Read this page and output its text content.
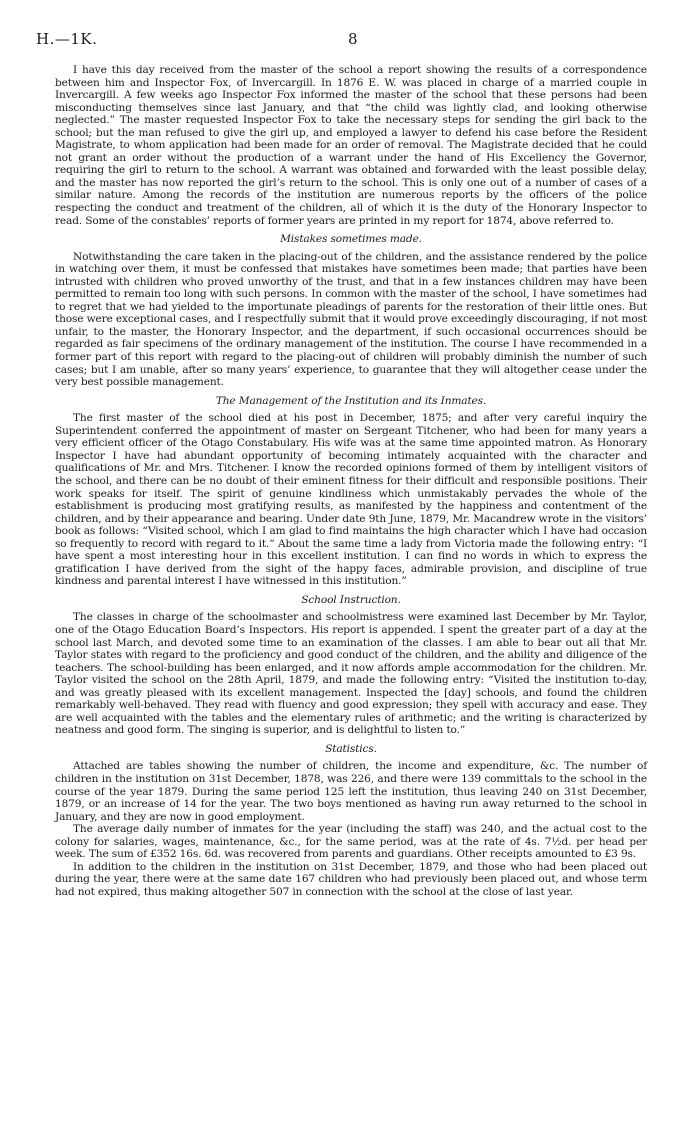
H.—1K.	8

I have this day received from the master of the school a report showing the results of a correspondence between him and Inspector Fox, of Invercargill. In 1876 E. W. was placed in charge of a married couple in Invercargill. A few weeks ago Inspector Fox informed the master of the school that these persons had been misconducting themselves since last January, and that “the child was lightly clad, and looking otherwise neglected.” The master requested Inspector Fox to take the necessary steps for sending the girl back to the school; but the man refused to give the girl up, and employed a lawyer to defend his case before the Resident Magistrate, to whom application had been made for an order of removal. The Magistrate decided that he could not grant an order without the production of a warrant under the hand of His Excellency the Governor, requiring the girl to return to the school. A warrant was obtained and forwarded with the least possible delay, and the master has now reported the girl’s return to the school. This is only one out of a number of cases of a similar nature. Among the records of the institution are numerous reports by the officers of the police respecting the conduct and treatment of the children, all of which it is the duty of the Honorary Inspector to read. Some of the constables’ reports of former years are printed in my report for 1874, above referred to.

Mistakes sometimes made.

Notwithstanding the care taken in the placing-out of the children, and the assistance rendered by the police in watching over them, it must be confessed that mistakes have sometimes been made; that parties have been intrusted with children who proved unworthy of the trust, and that in a few instances children may have been permitted to remain too long with such persons. In common with the master of the school, I have sometimes had to regret that we had yielded to the importunate pleadings of parents for the restoration of their little ones. But those were exceptional cases, and I respectfully submit that it would prove exceedingly discouraging, if not most unfair, to the master, the Honorary Inspector, and the department, if such occasional occurrences should be regarded as fair specimens of the ordinary management of the institution. The course I have recommended in a former part of this report with regard to the placing-out of children will probably diminish the number of such cases; but I am unable, after so many years’ experience, to guarantee that they will altogether cease under the very best possible management.

The Management of the Institution and its Inmates.

The first master of the school died at his post in December, 1875; and after very careful inquiry the Superintendent conferred the appointment of master on Sergeant Titchener, who had been for many years a very efficient officer of the Otago Constabulary. His wife was at the same time appointed matron. As Honorary Inspector I have had abundant opportunity of becoming intimately acquainted with the character and qualifications of Mr. and Mrs. Titchener. I know the recorded opinions formed of them by intelligent visitors of the school, and there can be no doubt of their eminent fitness for their difficult and responsible positions. Their work speaks for itself. The spirit of genuine kindliness which unmistakably pervades the whole of the establishment is producing most gratifying results, as manifested by the happiness and contentment of the children, and by their appearance and bearing. Under date 9th June, 1879, Mr. Macandrew wrote in the visitors’ book as follows: “Visited school, which I am glad to find maintains the high character which I have had occasion so frequently to record with regard to it.” About the same time a lady from Victoria made the following entry: “I have spent a most interesting hour in this excellent institution. I can find no words in which to express the gratification I have derived from the sight of the happy faces, admirable provision, and discipline of true kindness and parental interest I have witnessed in this institution.”

School Instruction.

The classes in charge of the schoolmaster and schoolmistress were examined last December by Mr. Taylor, one of the Otago Education Board’s Inspectors. His report is appended. I spent the greater part of a day at the school last March, and devoted some time to an examination of the classes. I am able to bear out all that Mr. Taylor states with regard to the proficiency and good conduct of the children, and the ability and diligence of the teachers. The school-building has been enlarged, and it now affords ample accommodation for the children. Mr. Taylor visited the school on the 28th April, 1879, and made the following entry: “Visited the institution to-day, and was greatly pleased with its excellent management. Inspected the [day] schools, and found the children remarkably well-behaved. They read with fluency and good expression; they spell with accuracy and ease. They are well acquainted with the tables and the elementary rules of arithmetic; and the writing is characterized by neatness and good form. The singing is superior, and is delightful to listen to.”

Statistics.

Attached are tables showing the number of children, the income and expenditure, &c. The number of children in the institution on 31st December, 1878, was 226, and there were 139 committals to the school in the course of the year 1879. During the same period 125 left the institution, thus leaving 240 on 31st December, 1879, or an increase of 14 for the year. The two boys mentioned as having run away returned to the school in January, and they are now in good employment.

The average daily number of inmates for the year (including the staff) was 240, and the actual cost to the colony for salaries, wages, maintenance, &c., for the same period, was at the rate of 4s. 7½d. per head per week. The sum of £352 16s. 6d. was recovered from parents and guardians. Other receipts amounted to £3 9s.

In addition to the children in the institution on 31st December, 1879, and those who had been placed out during the year, there were at the same date 167 children who had previously been placed out, and whose term had not expired, thus making altogether 507 in connection with the school at the close of last year.
